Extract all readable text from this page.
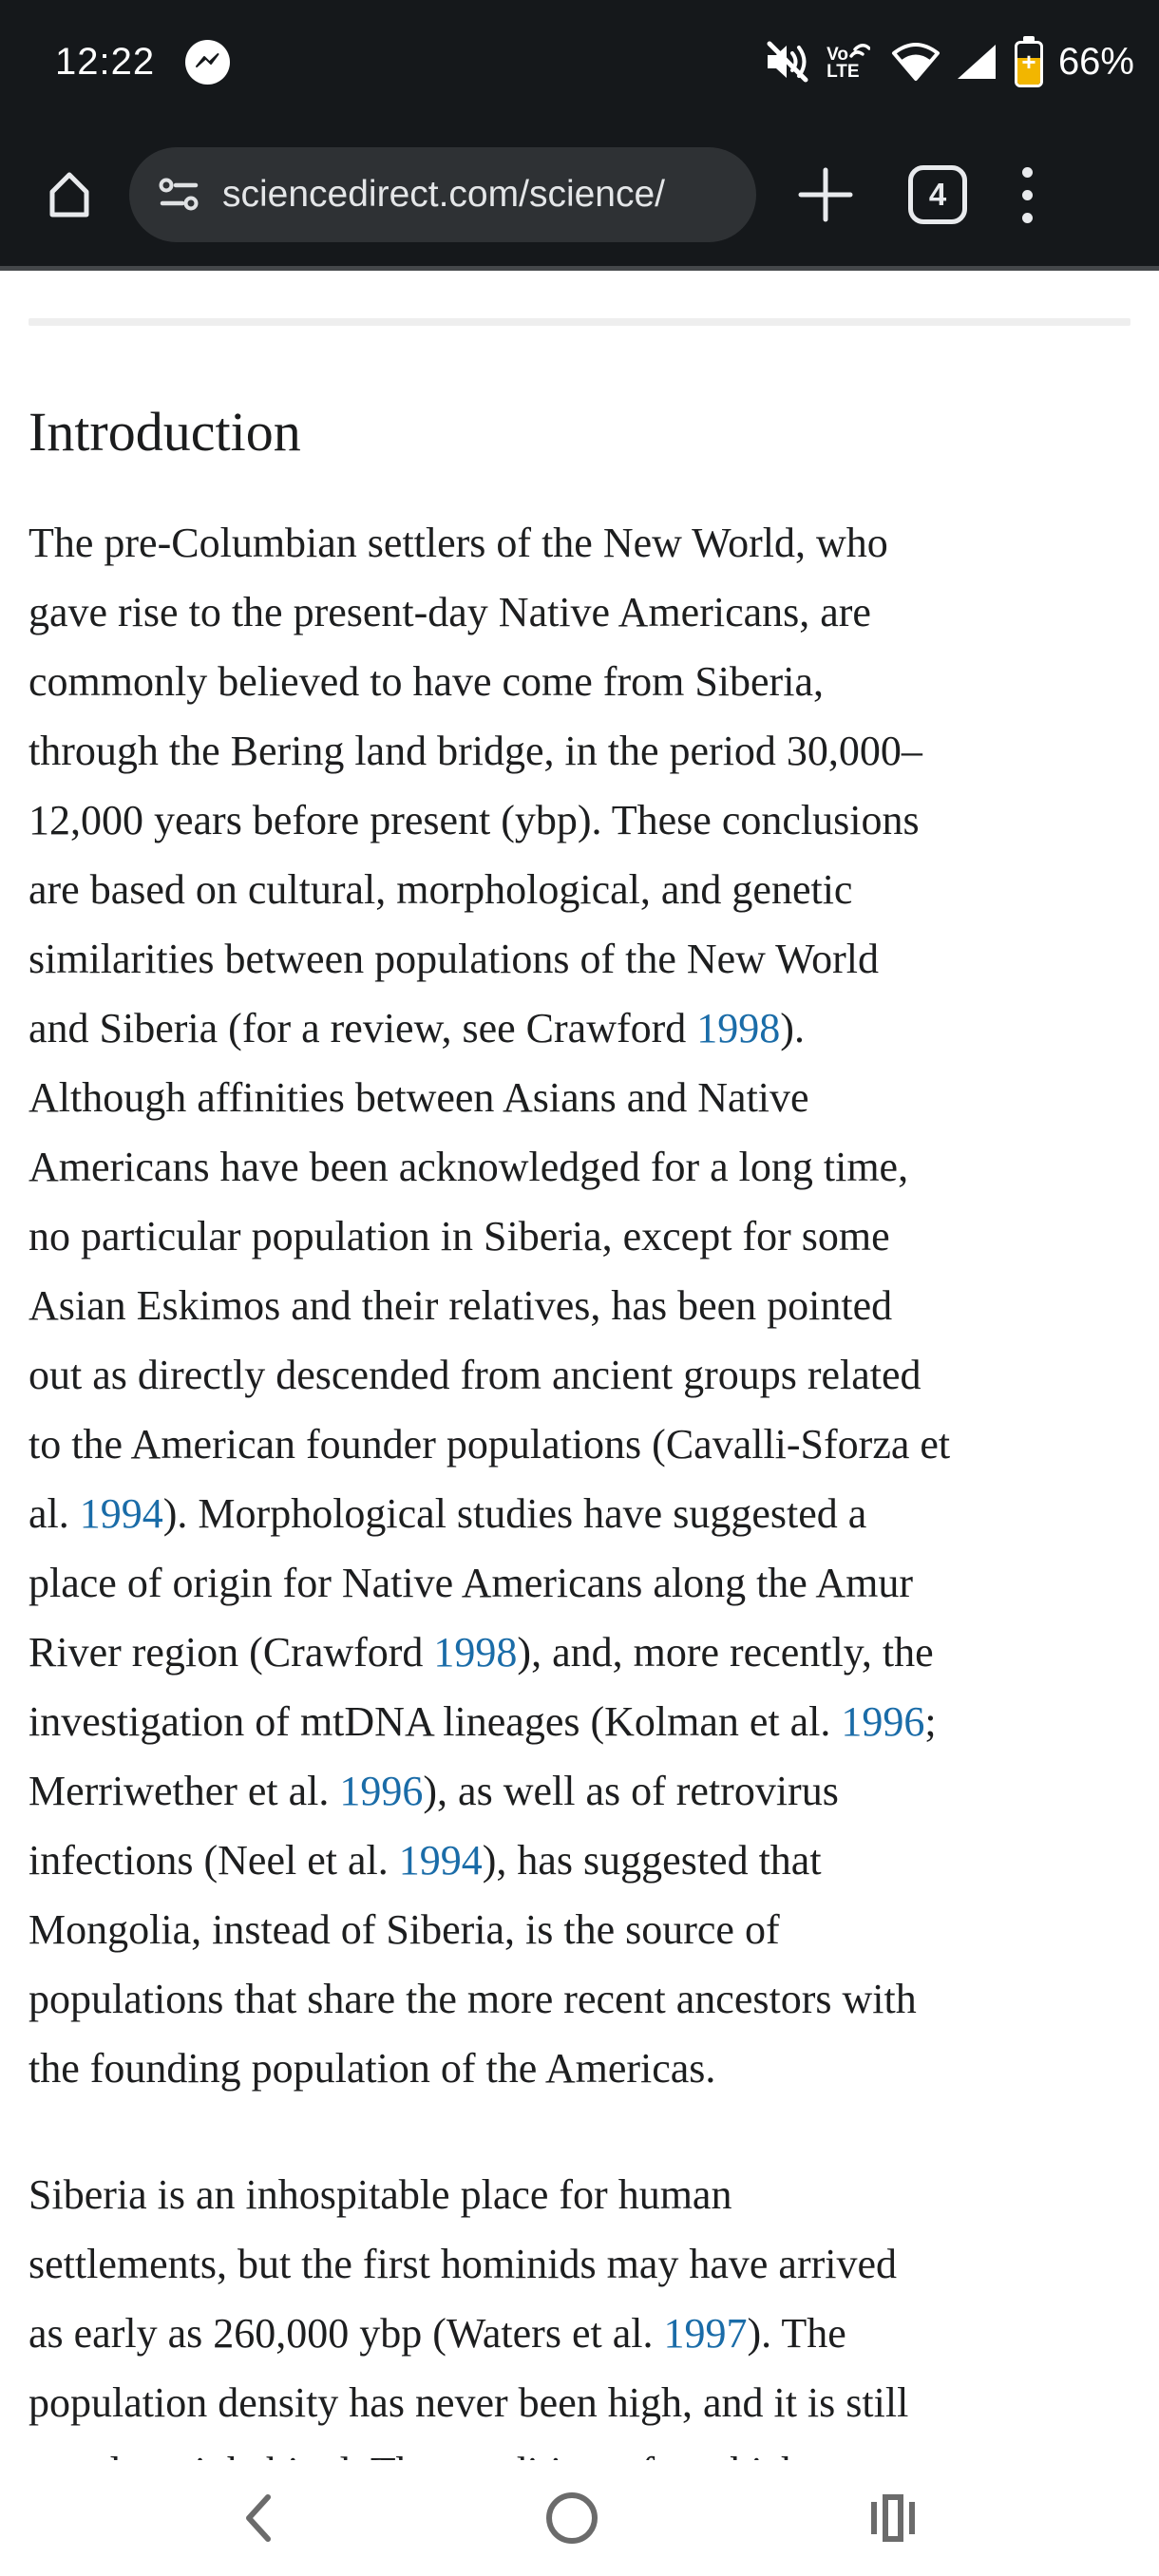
12:22	Vo
LTE	+ 66%
sciencedirect.com/science/	4
Introduction
The pre-Columbian settlers of the New World, who
gave rise to the present-day Native Americans, are
commonly believed to have come from Siberia,
through the Bering land bridge, in the period 30,000–
12,000 years before present (ybp). These conclusions
are based on cultural, morphological, and genetic
similarities between populations of the New World
and Siberia (for a review, see Crawford 1998).
Although affinities between Asians and Native
Americans have been acknowledged for a long time,
no particular population in Siberia, except for some
Asian Eskimos and their relatives, has been pointed
out as directly descended from ancient groups related
to the American founder populations (Cavalli-Sforza et
al. 1994). Morphological studies have suggested a
place of origin for Native Americans along the Amur
River region (Crawford 1998), and, more recently, the
investigation of mtDNA lineages (Kolman et al. 1996;
Merriwether et al. 1996), as well as of retrovirus
infections (Neel et al. 1994), has suggested that
Mongolia, instead of Siberia, is the source of
populations that share the more recent ancestors with
the founding population of the Americas.
Siberia is an inhospitable place for human
settlements, but the first hominids may have arrived
as early as 260,000 ybp (Waters et al. 1997). The
population density has never been high, and it is still
